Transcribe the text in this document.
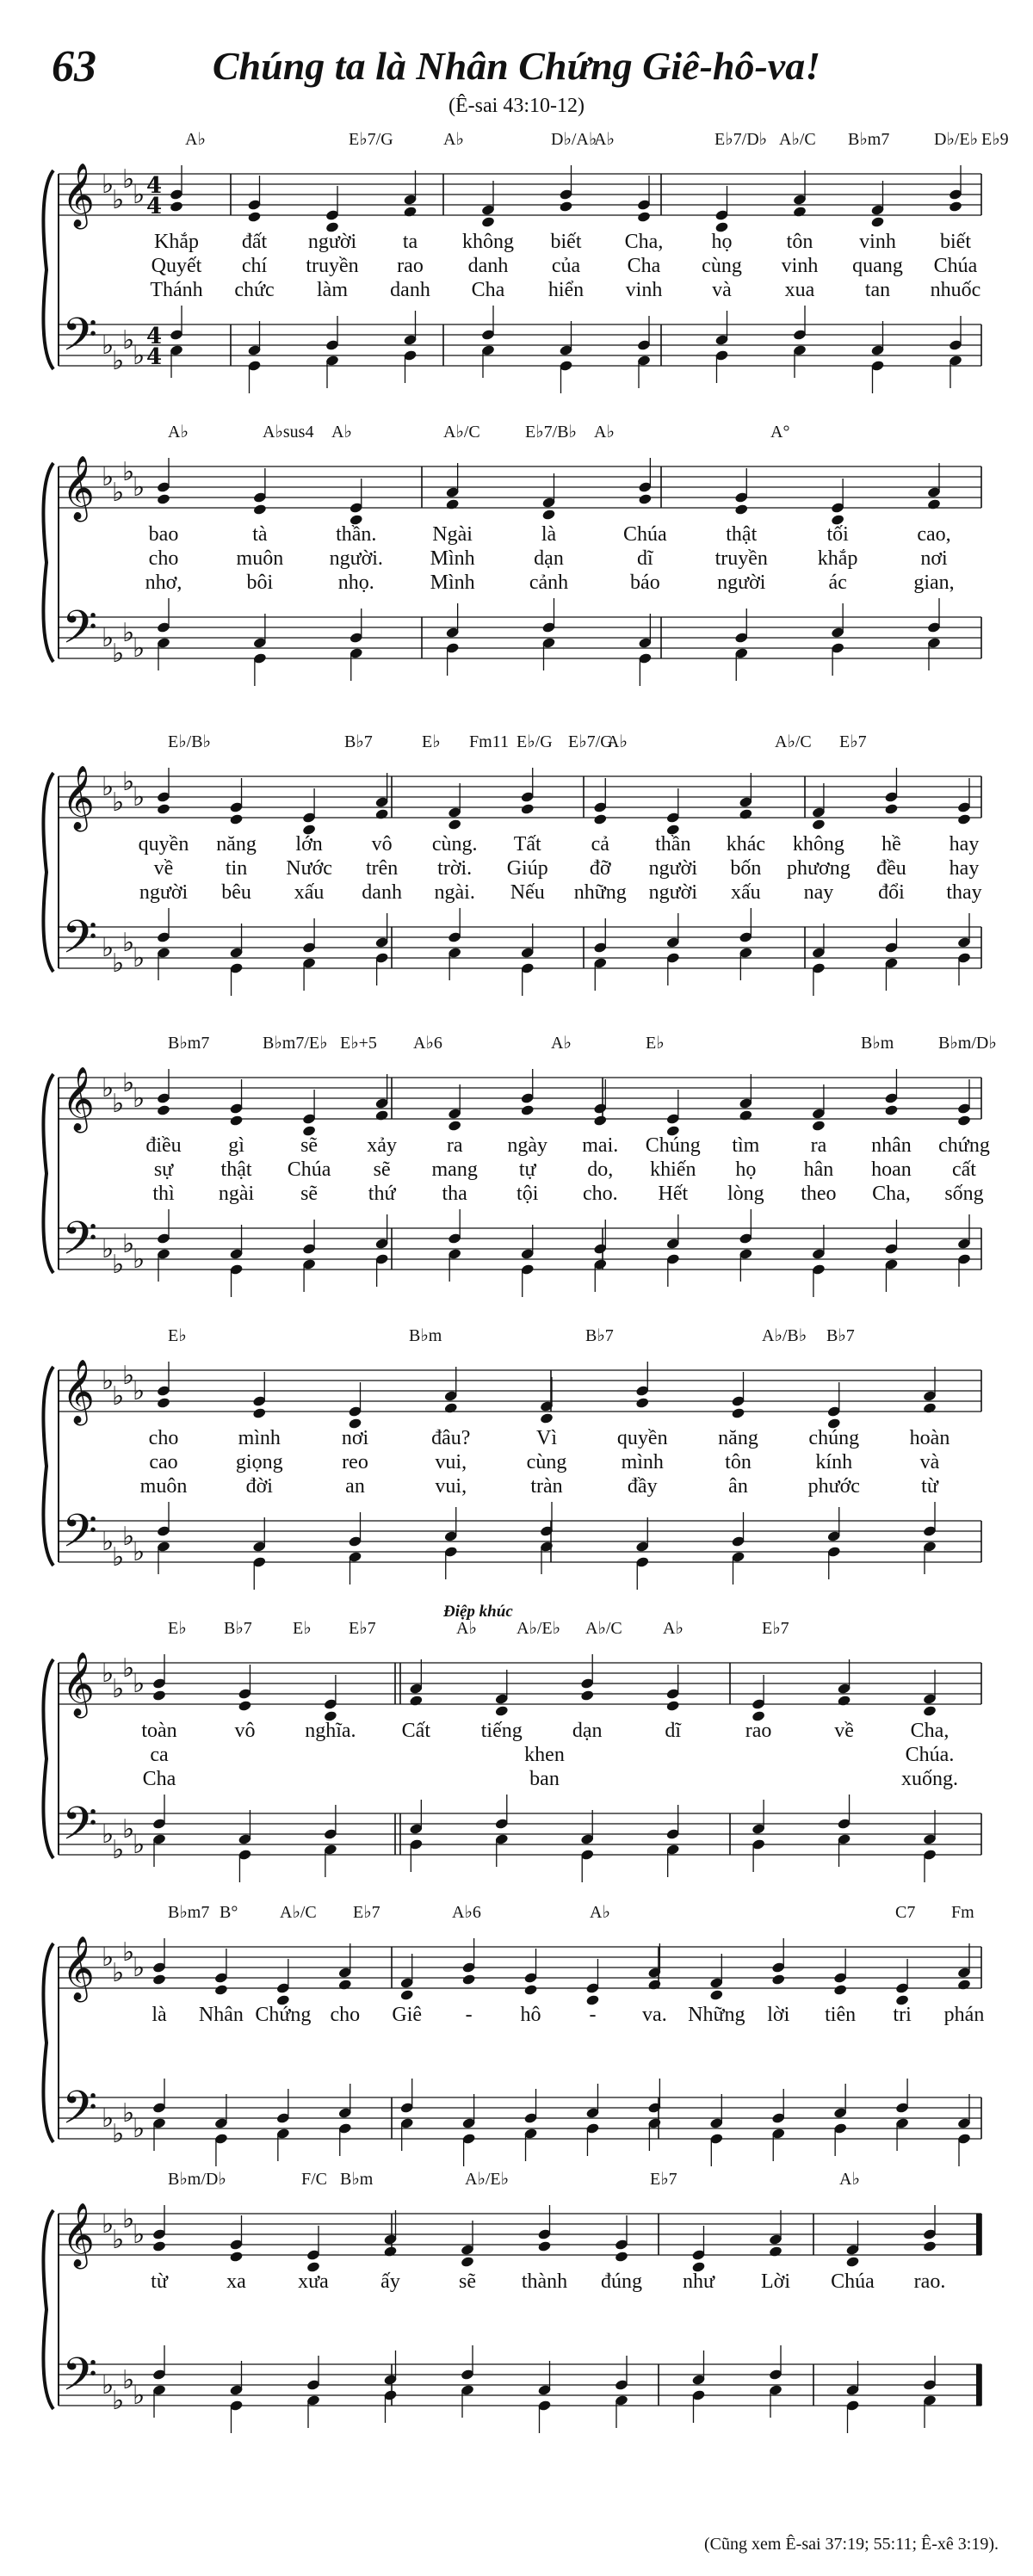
63	Chúng ta là Nhân Chứng Giê-hô-va!
(Ê-sai 43:10-12)
A♭	E♭7/G	A♭	D♭/A♭
A♭	E♭7/D♭ A♭/C B♭m7	D♭/E♭ E♭9
𝄞
𝄢
♭
♭
♭
♭
♭
♭
♭
♭
4
4
4
4
Khắp đất người ta không biết Cha, họ	tôn vinh biết
Quyết chí truyền rao danh của Cha cùng vinh quang Chúa
Thánh chức làm danh Cha hiển vinh và	xua tan nhuốc
A♭	A♭sus4 A♭	A♭/C	E♭7/B♭ A♭	A°
𝄞
𝄢
♭
♭
♭
♭
♭
♭
♭
♭
bao	tà	thần.	Ngài	là	Chúa	thật	tối	cao,
cho	muôn người. Mình	dạn	dĩ	truyền khắp	nơi
nhơ,	bôi	nhọ.	Mình	cảnh	báo	người	ác	gian,
E♭/B♭	B♭7	E♭ Fm11 E♭/G E♭7/G
A♭	A♭/C E♭7
𝄞
𝄢
♭
♭
♭
♭
♭
♭
♭
♭
quyền năng lớn vô cùng. Tất cả thần khác không hề hay
về	tin Nước trên trời. Giúp đỡ người bốn phương đều hay
người bêu xấu danh ngài. Nếu những người xấu nay đổi thay
B♭m7	B♭m7/E♭ E♭+5 A♭6	A♭	E♭	B♭m	B♭m/D♭
𝄞
𝄢
♭
♭
♭
♭
♭
♭
♭
♭
điều gì	sẽ xảy ra ngày mai. Chúng tìm ra nhân chứng
sự thật Chúa sẽ mang tự do, khiến họ hân hoan cất
thì ngài sẽ thứ tha tội cho. Hết lòng theo Cha, sống
E♭	B♭m	B♭7	A♭/B♭ B♭7
𝄞
𝄢
♭
♭
♭
♭
♭
♭
♭
♭
cho	mình	nơi	đâu?	Vì	quyền năng chúng hoàn
cao	giọng	reo	vui,	cùng	mình	tôn	kính	và
muôn	đời	an	vui,	tràn	đầy	ân	phước	từ
E♭ B♭7 E♭ E♭7	A♭ A♭/E♭ A♭/C A♭	E♭7
Điệp khúc
𝄞
𝄢
♭
♭
♭
♭
♭
♭
♭
♭
toàn	vô nghĩa. Cất tiếng dạn	dĩ	rao	về	Cha,
ca	khen	Chúa.
Cha	ban	xuống.
B♭m7 B° A♭/C E♭7	A♭6	A♭	C7 Fm
𝄞
𝄢
♭
♭
♭
♭
♭
♭
♭
♭
là Nhân Chứng cho Giê - hô - va. Những lời tiên tri phán
B♭m/D♭	F/C B♭m	A♭/E♭	E♭7	A♭
𝄞
𝄢
♭
♭
♭
♭
♭
♭
♭
♭
từ	xa	xưa	ấy	sẽ thành đúng như Lời Chúa rao.
(Cũng xem Ê-sai 37:19; 55:11; Ê-xê 3:19).
